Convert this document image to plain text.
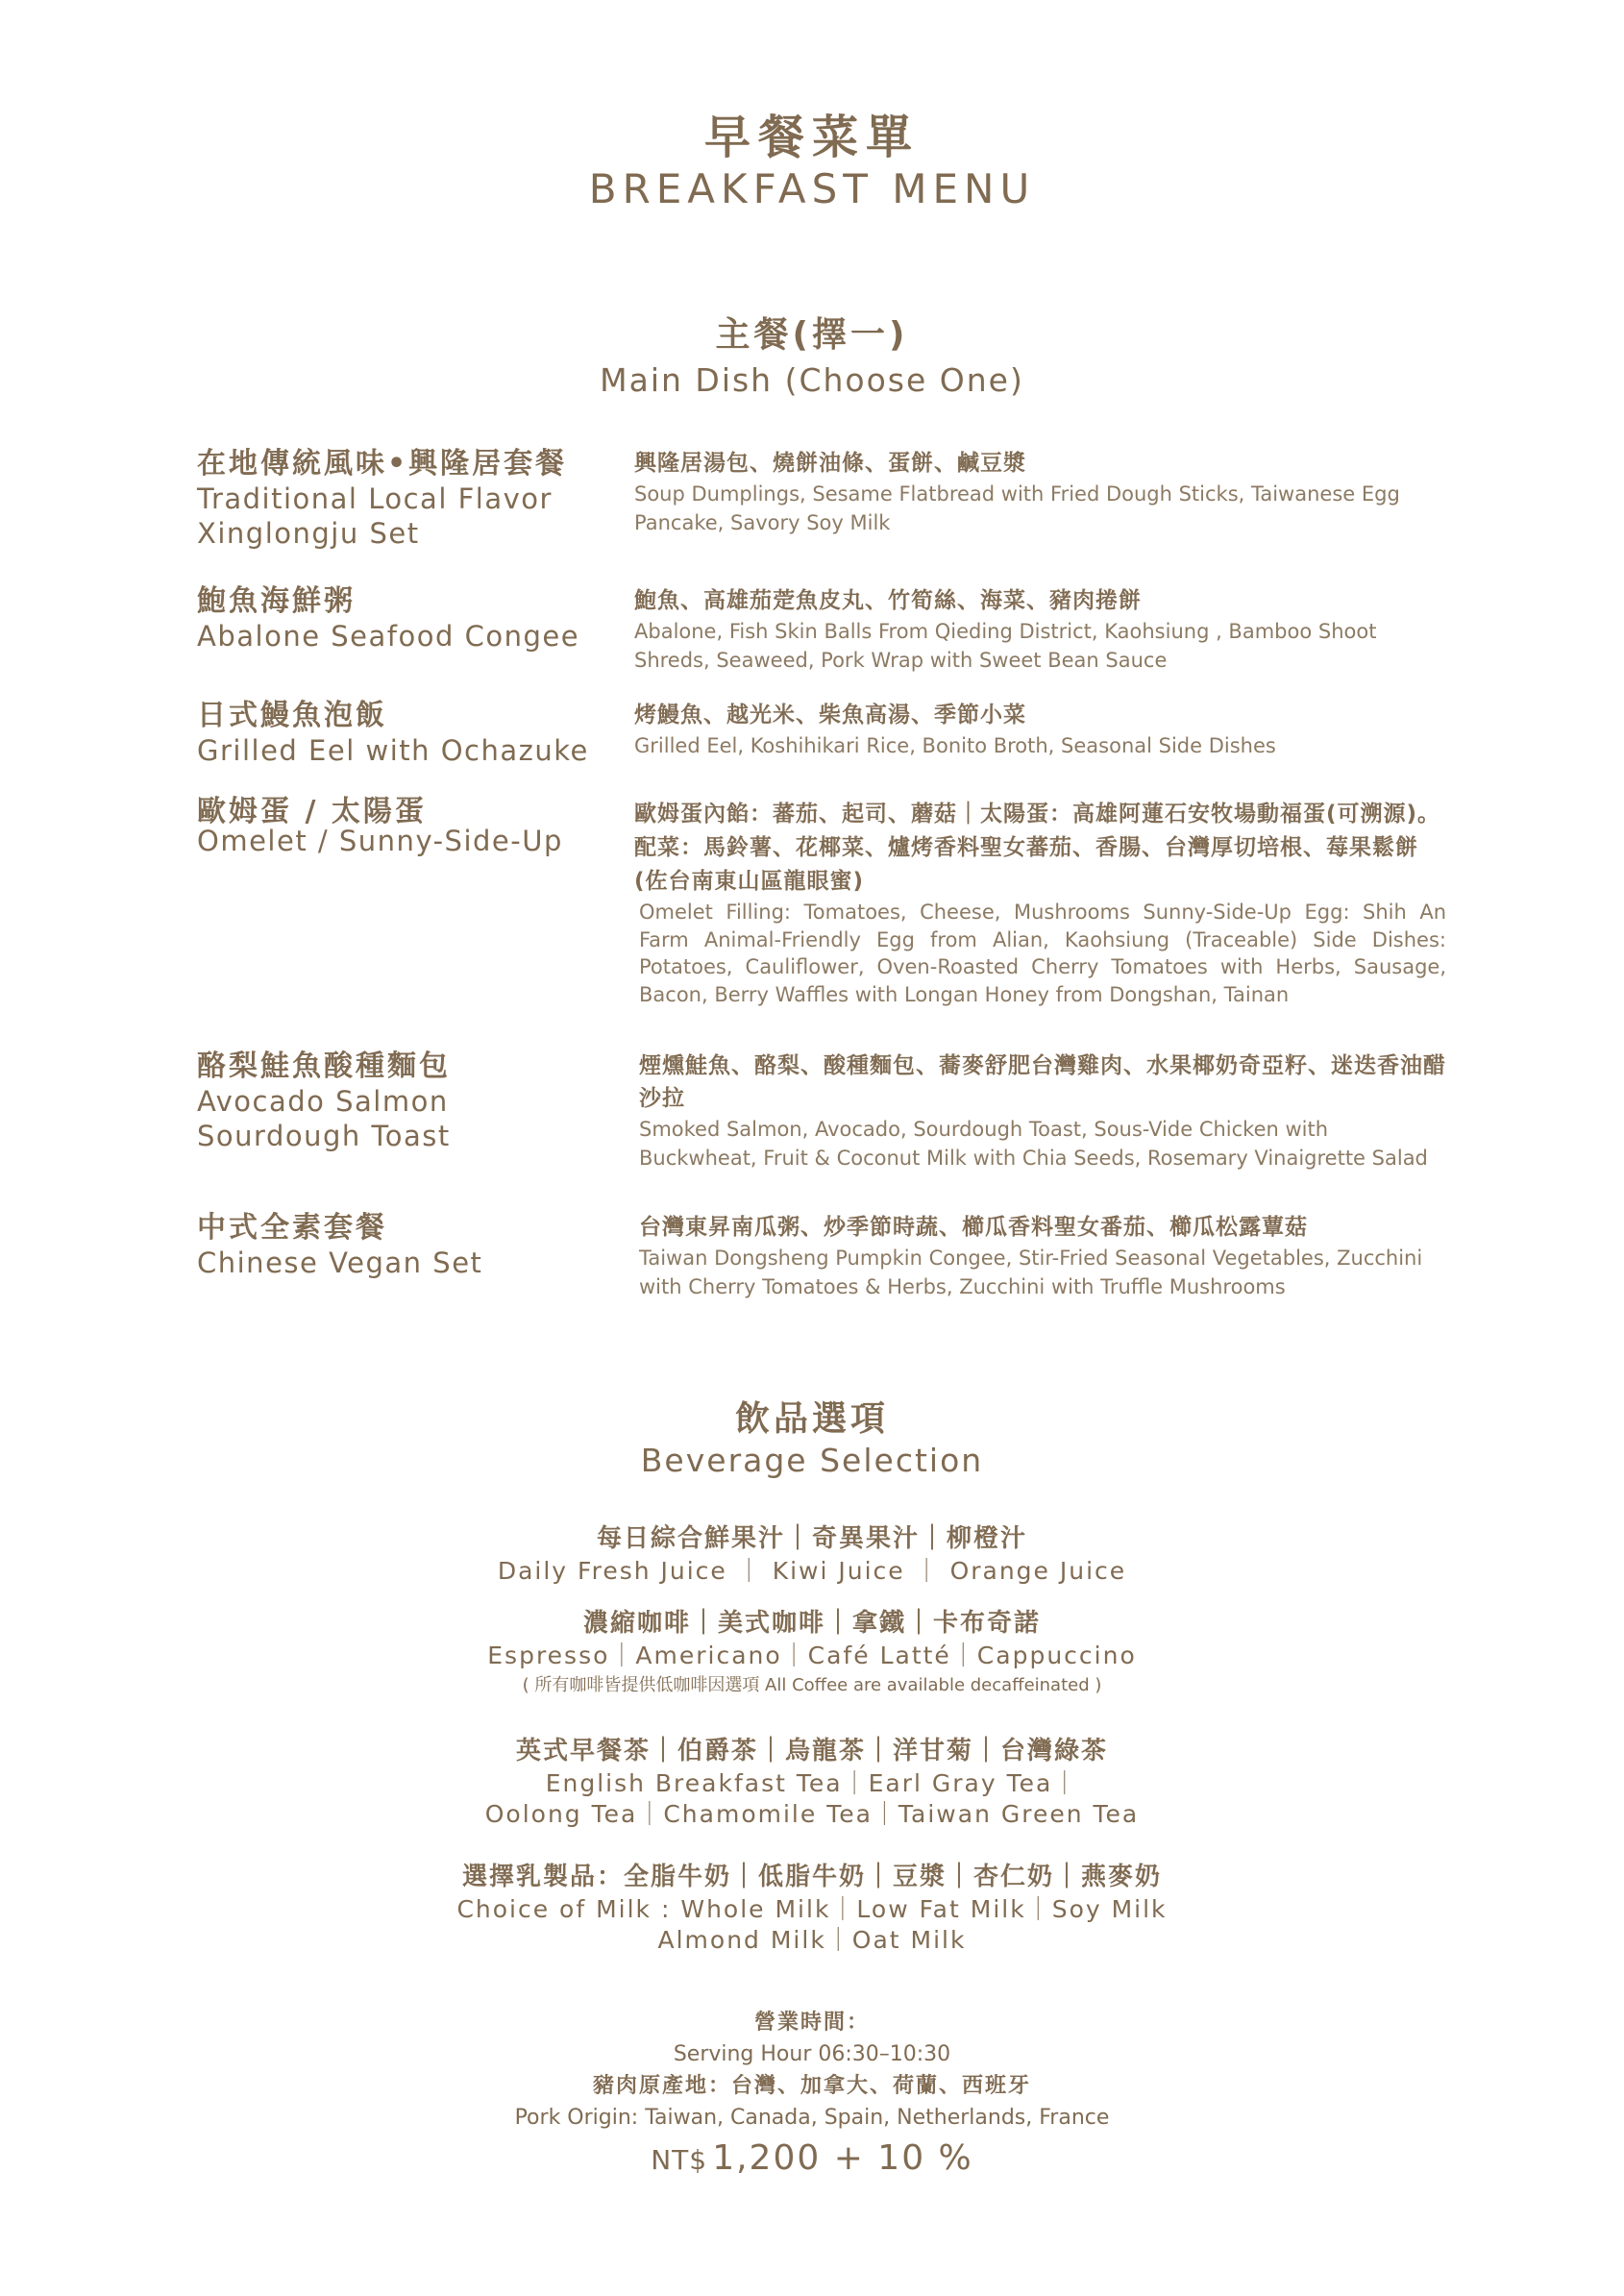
早餐菜單
BREAKFAST MENU
主餐(擇一)
Main Dish (Choose One)
在地傳統風味•興隆居套餐
Traditional Local Flavor
Xinglongju Set
興隆居湯包、燒餅油條、蛋餅、鹹豆漿
Soup Dumplings, Sesame Flatbread with Fried Dough Sticks, Taiwanese Egg Pancake, Savory Soy Milk
鮑魚海鮮粥
Abalone Seafood Congee
鮑魚、高雄茄萣魚皮丸、竹筍絲、海菜、豬肉捲餅
Abalone, Fish Skin Balls From Qieding District, Kaohsiung , Bamboo Shoot Shreds, Seaweed, Pork Wrap with Sweet Bean Sauce
日式鰻魚泡飯
Grilled Eel with Ochazuke
烤鰻魚、越光米、柴魚高湯、季節小菜
Grilled Eel, Koshihikari Rice, Bonito Broth, Seasonal Side Dishes
歐姆蛋 / 太陽蛋
Omelet / Sunny-Side-Up
歐姆蛋內餡：蕃茄、起司、蘑菇｜太陽蛋：高雄阿蓮石安牧場動福蛋(可溯源)。配菜：馬鈴薯、花椰菜、爐烤香料聖女蕃茄、香腸、台灣厚切培根、莓果鬆餅(佐台南東山區龍眼蜜)
Omelet Filling: Tomatoes, Cheese, Mushrooms Sunny-Side-Up Egg: Shih An Farm Animal-Friendly Egg from Alian, Kaohsiung (Traceable) Side Dishes: Potatoes, Cauliflower, Oven-Roasted Cherry Tomatoes with Herbs, Sausage, Bacon, Berry Waffles with Longan Honey from Dongshan, Tainan
酪梨鮭魚酸種麵包
Avocado Salmon
Sourdough Toast
煙燻鮭魚、酪梨、酸種麵包、蕎麥舒肥台灣雞肉、水果椰奶奇亞籽、迷迭香油醋沙拉
Smoked Salmon, Avocado, Sourdough Toast, Sous-Vide Chicken with Buckwheat, Fruit & Coconut Milk with Chia Seeds, Rosemary Vinaigrette Salad
中式全素套餐
Chinese Vegan Set
台灣東昇南瓜粥、炒季節時蔬、櫛瓜香料聖女番茄、櫛瓜松露蕈菇
Taiwan Dongsheng Pumpkin Congee, Stir-Fried Seasonal Vegetables, Zucchini with Cherry Tomatoes & Herbs, Zucchini with Truffle Mushrooms
飲品選項
Beverage Selection
每日綜合鮮果汁｜奇異果汁｜柳橙汁
Daily Fresh Juice ｜ Kiwi Juice ｜ Orange Juice
濃縮咖啡｜美式咖啡｜拿鐵｜卡布奇諾
Espresso｜Americano｜Café Latté｜Cappuccino
( 所有咖啡皆提供低咖啡因選項 All Coffee are available decaffeinated )
英式早餐茶｜伯爵茶｜烏龍茶｜洋甘菊｜台灣綠茶
English Breakfast Tea｜Earl Gray Tea｜
Oolong Tea｜Chamomile Tea｜Taiwan Green Tea
選擇乳製品：全脂牛奶｜低脂牛奶｜豆漿｜杏仁奶｜燕麥奶
Choice of Milk : Whole Milk｜Low Fat Milk｜Soy Milk
Almond Milk｜Oat Milk
營業時間：
Serving Hour 06:30–10:30
豬肉原產地：台灣、加拿大、荷蘭、西班牙
Pork Origin: Taiwan, Canada, Spain, Netherlands, France
NT$ 1,200 + 10 %
